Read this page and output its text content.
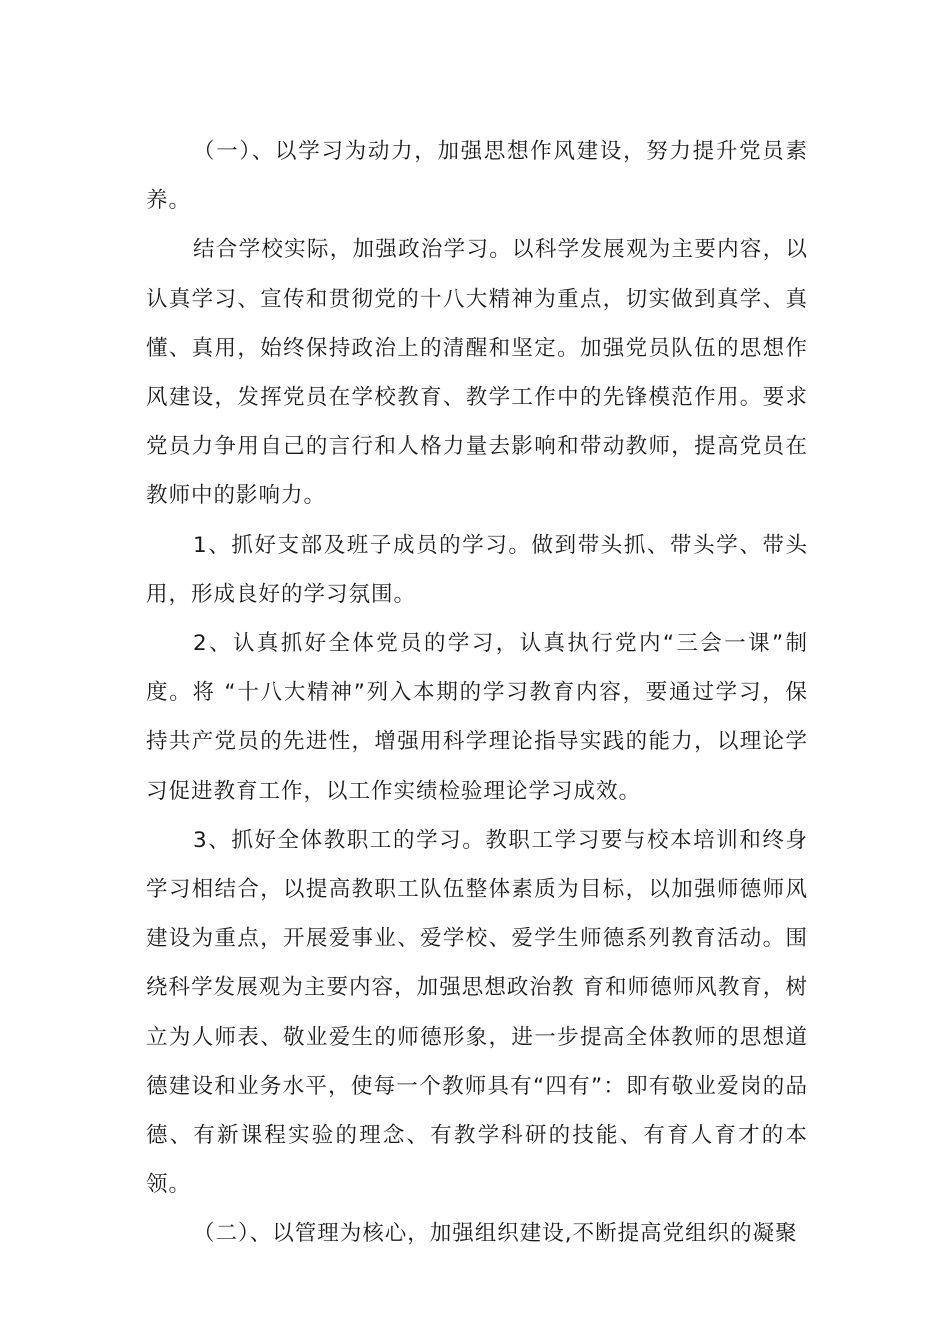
（一）、以学习为动力，加强思想作风建设，努力提升党员素养。

结合学校实际，加强政治学习。以科学发展观为主要内容，以认真学习、宣传和贯彻党的十八大精神为重点，切实做到真学、真懂、真用，始终保持政治上的清醒和坚定。加强党员队伍的思想作风建设，发挥党员在学校教育、教学工作中的先锋模范作用。要求党员力争用自己的言行和人格力量去影响和带动教师，提高党员在教师中的影响力。

1、抓好支部及班子成员的学习。做到带头抓、带头学、带头用，形成良好的学习氛围。

2、认真抓好全体党员的学习，认真执行党内“三会一课”制度。将 “十八大精神”列入本期的学习教育内容，要通过学习，保持共产党员的先进性，增强用科学理论指导实践的能力，以理论学习促进教育工作，以工作实绩检验理论学习成效。

3、抓好全体教职工的学习。教职工学习要与校本培训和终身学习相结合，以提高教职工队伍整体素质为目标，以加强师德师风建设为重点，开展爱事业、爱学校、爱学生师德系列教育活动。围绕科学发展观为主要内容，加强思想政治教 育和师德师风教育，树立为人师表、敬业爱生的师德形象，进一步提高全体教师的思想道德建设和业务水平，使每一个教师具有“四有”：即有敬业爱岗的品德、有新课程实验的理念、有教学科研的技能、有育人育才的本领。

（二）、以管理为核心，加强组织建设,不断提高党组织的凝聚
